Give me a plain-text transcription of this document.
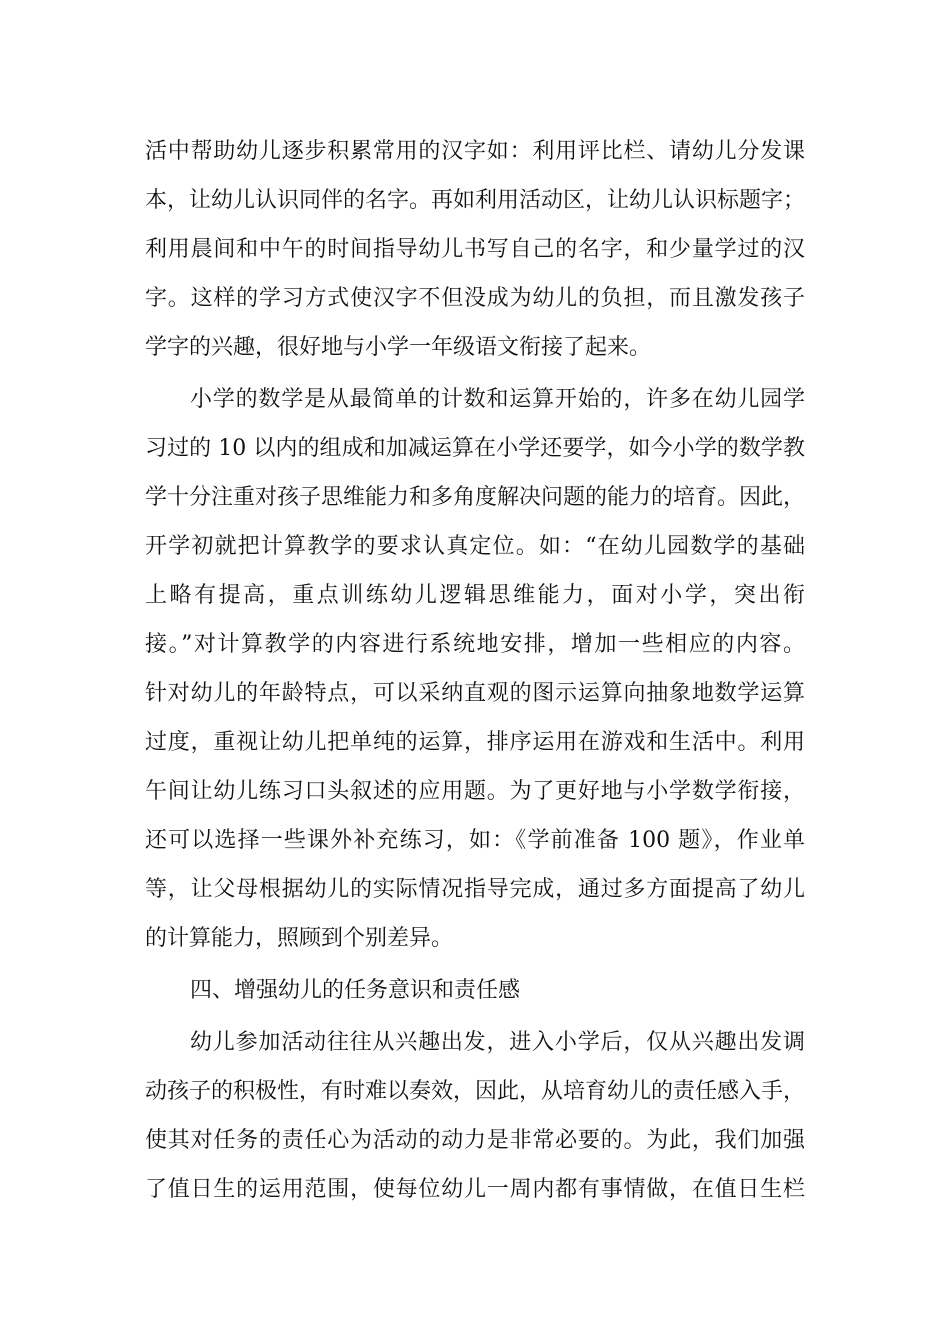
活中帮助幼儿逐步积累常用的汉字如：利用评比栏、请幼儿分发课
本，让幼儿认识同伴的名字。再如利用活动区，让幼儿认识标题字；
利用晨间和中午的时间指导幼儿书写自己的名字，和少量学过的汉
字。这样的学习方式使汉字不但没成为幼儿的负担，而且激发孩子
学字的兴趣，很好地与小学一年级语文衔接了起来。
小学的数学是从最简单的计数和运算开始的，许多在幼儿园学
习过的 10 以内的组成和加减运算在小学还要学，如今小学的数学教
学十分注重对孩子思维能力和多角度解决问题的能力的培育。因此，
开学初就把计算教学的要求认真定位。如：“在幼儿园数学的基础
上略有提高，重点训练幼儿逻辑思维能力，面对小学，突出衔
接。”对计算教学的内容进行系统地安排，增加一些相应的内容。
针对幼儿的年龄特点，可以采纳直观的图示运算向抽象地数学运算
过度，重视让幼儿把单纯的运算，排序运用在游戏和生活中。利用
午间让幼儿练习口头叙述的应用题。为了更好地与小学数学衔接，
还可以选择一些课外补充练习，如：《学前准备 100 题》，作业单
等，让父母根据幼儿的实际情况指导完成，通过多方面提高了幼儿
的计算能力，照顾到个别差异。
四、增强幼儿的任务意识和责任感
幼儿参加活动往往从兴趣出发，进入小学后，仅从兴趣出发调
动孩子的积极性，有时难以奏效，因此，从培育幼儿的责任感入手，
使其对任务的责任心为活动的动力是非常必要的。为此，我们加强
了值日生的运用范围，使每位幼儿一周内都有事情做，在值日生栏
